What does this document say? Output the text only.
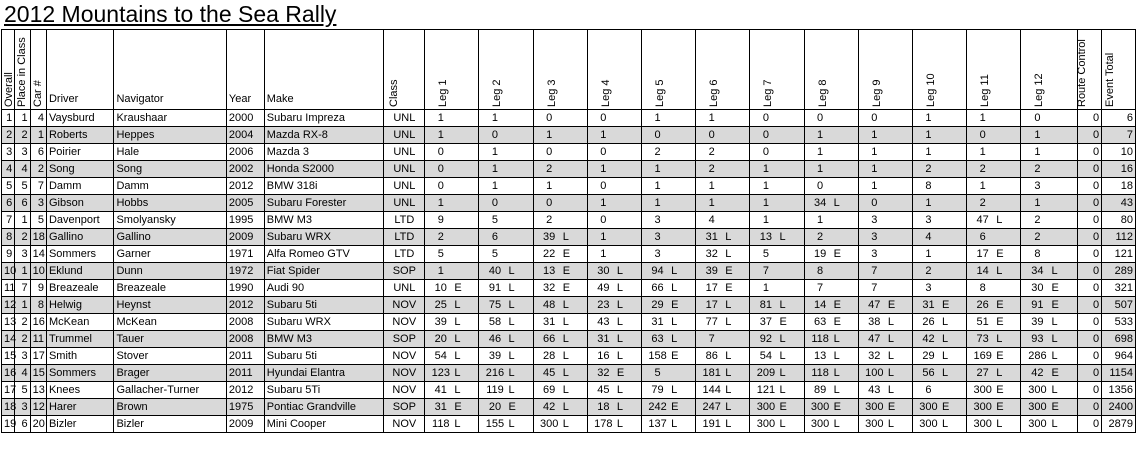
2012 Mountains to the Sea Rally
Overall	Place in Class	Car #	Driver	Navigator	Year	Make	Class	Leg 1	Leg 2	Leg 3	Leg 4	Leg 5	Leg 6	Leg 7	Leg 8	Leg 9	Leg 10	Leg 11	Leg 12	Route Control	Event Total

1	1	4	Vaysburd	Kraushaar	2000	Subaru Impreza	UNL	1	1	0	0	1	1	0	0	0	1	1	0	0	6
2	2	1	Roberts	Heppes	2004	Mazda RX-8	UNL	1	0	1	1	0	0	0	1	1	1	0	1	0	7
3	3	6	Poirier	Hale	2006	Mazda 3	UNL	0	1	0	0	2	2	0	1	1	1	1	1	0	10
4	4	2	Song	Song	2002	Honda S2000	UNL	0	1	2	1	1	2	1	1	1	2	2	2	0	16
5	5	7	Damm	Damm	2012	BMW 318i	UNL	0	1	1	0	1	1	1	0	1	8	1	3	0	18
6	6	3	Gibson	Hobbs	2005	Subaru Forester	UNL	1	0	0	1	1	1	1	34 L	0	1	2	1	0	43
7	1	5	Davenport	Smolyansky	1995	BMW M3	LTD	9	5	2	0	3	4	1	1	3	3	47 L	2	0	80
8	2	18	Gallino	Gallino	2009	Subaru WRX	LTD	2	6	39 L	1	3	31 L	13 L	2	3	4	6	2	0	112
9	3	14	Sommers	Garner	1971	Alfa Romeo GTV	LTD	5	5	22 E	1	3	32 L	5	19 E	3	1	17 E	8	0	121
10	1	10	Eklund	Dunn	1972	Fiat Spider	SOP	1	40 L	13 E	30 L	94 L	39 E	7	8	7	2	14 L	34 L	0	289
11	7	9	Breazeale	Breazeale	1990	Audi 90	UNL	10 E	91 L	32 E	49 L	66 L	17 E	1	7	7	3	8	30 E	0	321
12	1	8	Helwig	Heynst	2012	Subaru 5ti	NOV	25 L	75 L	48 L	23 L	29 E	17 L	81 L	14 E	47 E	31 E	26 E	91 E	0	507
13	2	16	McKean	McKean	2008	Subaru WRX	NOV	39 L	58 L	31 L	43 L	31 L	77 L	37 E	63 E	38 L	26 L	51 E	39 L	0	533
14	2	11	Trummel	Tauer	2008	BMW M3	SOP	20 L	46 L	66 L	31 L	63 L	7	92 L	118 L	47 L	42 L	73 L	93 L	0	698
15	3	17	Smith	Stover	2011	Subaru 5ti	NOV	54 L	39 L	28 L	16 L	158 E	86 L	54 L	13 L	32 L	29 L	169 E	286 L	0	964
16	4	15	Sommers	Brager	2011	Hyundai Elantra	NOV	123 L	216 L	45 L	32 E	5	181 L	209 L	118 L	100 L	56 L	27 L	42 E	0	1154
17	5	13	Knees	Gallacher-Turner	2012	Subaru 5Ti	NOV	41 L	119 L	69 L	45 L	79 L	144 L	121 L	89 L	43 L	6	300 E	300 L	0	1356
18	3	12	Harer	Brown	1975	Pontiac Grandville	SOP	31 E	20 E	42 L	18 L	242 E	247 L	300 E	300 E	300 E	300 E	300 E	300 E	0	2400
19	6	20	Bizler	Bizler	2009	Mini Cooper	NOV	118 L	155 L	300 L	178 L	137 L	191 L	300 L	300 L	300 L	300 L	300 L	300 L	0	2879
